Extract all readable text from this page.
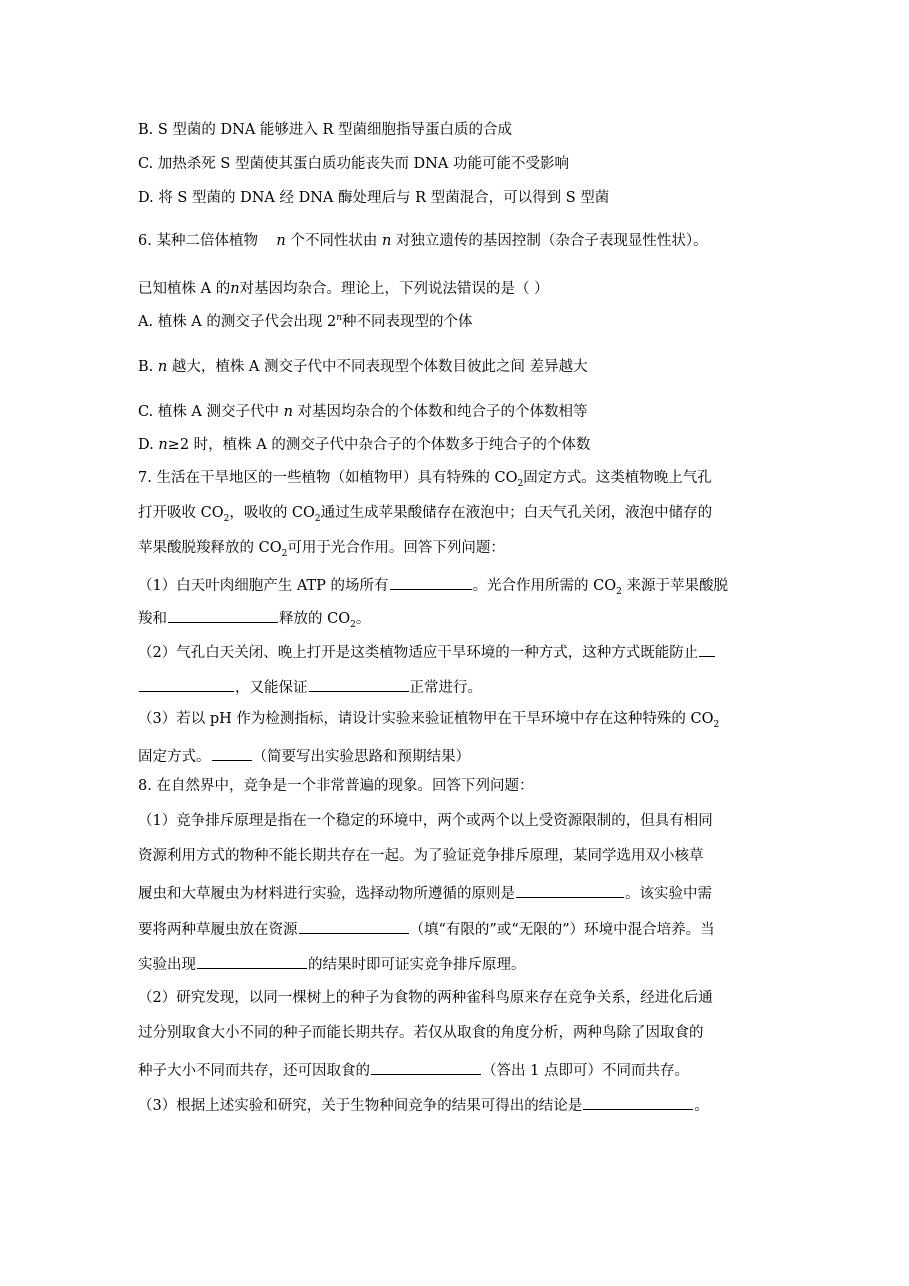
B. S 型菌的 DNA 能够进入 R 型菌细胞指导蛋白质的合成
C. 加热杀死 S 型菌使其蛋白质功能丧失而 DNA 功能可能不受影响
D. 将 S 型菌的 DNA 经 DNA 酶处理后与 R 型菌混合，可以得到 S 型菌
6. 某种二倍体植物 n 个不同性状由 n 对独立遗传的基因控制（杂合子表现显性性状）。
已知植株 A 的n对基因均杂合。理论上，下列说法错误的是（ ）
A. 植株 A 的测交子代会出现 2$^n$种不同表现型的个体
B. n 越大，植株 A 测交子代中不同表现型个体数目彼此之间 差异越大
C. 植株 A 测交子代中 n 对基因均杂合的个体数和纯合子的个体数相等
D. n≥2 时，植株 A 的测交子代中杂合子的个体数多于纯合子的个体数
7. 生活在干旱地区的一些植物（如植物甲）具有特殊的 $CO_2$固定方式。这类植物晚上气孔
打开吸收 $CO_2$，吸收的 $CO_2$通过生成苹果酸储存在液泡中；白天气孔关闭，液泡中储存的
苹果酸脱羧释放的 $CO_2$可用于光合作用。回答下列问题：
（1）白天叶肉细胞产生 ATP 的场所有	。光合作用所需的 $CO_2$ 来源于苹果酸脱
羧和	释放的 $CO_2$。
（2）气孔白天关闭、晚上打开是这类植物适应干旱环境的一种方式，这种方式既能防止
，又能保证	正常进行。
（3）若以 pH 作为检测指标，请设计实验来验证植物甲在干旱环境中存在这种特殊的 $CO_2$
固定方式。	（简要写出实验思路和预期结果）
8. 在自然界中，竞争是一个非常普遍的现象。回答下列问题：
（1）竞争排斥原理是指在一个稳定的环境中，两个或两个以上受资源限制的，但具有相同
资源利用方式的物种不能长期共存在一起。为了验证竞争排斥原理，某同学选用双小核草
履虫和大草履虫为材料进行实验，选择动物所遵循的原则是	。该实验中需
要将两种草履虫放在资源	（填“有限的”或“无限的”）环境中混合培养。当
实验出现	的结果时即可证实竞争排斥原理。
（2）研究发现，以同一棵树上的种子为食物的两种雀科鸟原来存在竞争关系，经进化后通
过分别取食大小不同的种子而能长期共存。若仅从取食的角度分析，两种鸟除了因取食的
种子大小不同而共存，还可因取食的	（答出 1 点即可）不同而共存。
（3）根据上述实验和研究，关于生物种间竞争的结果可得出的结论是	。
